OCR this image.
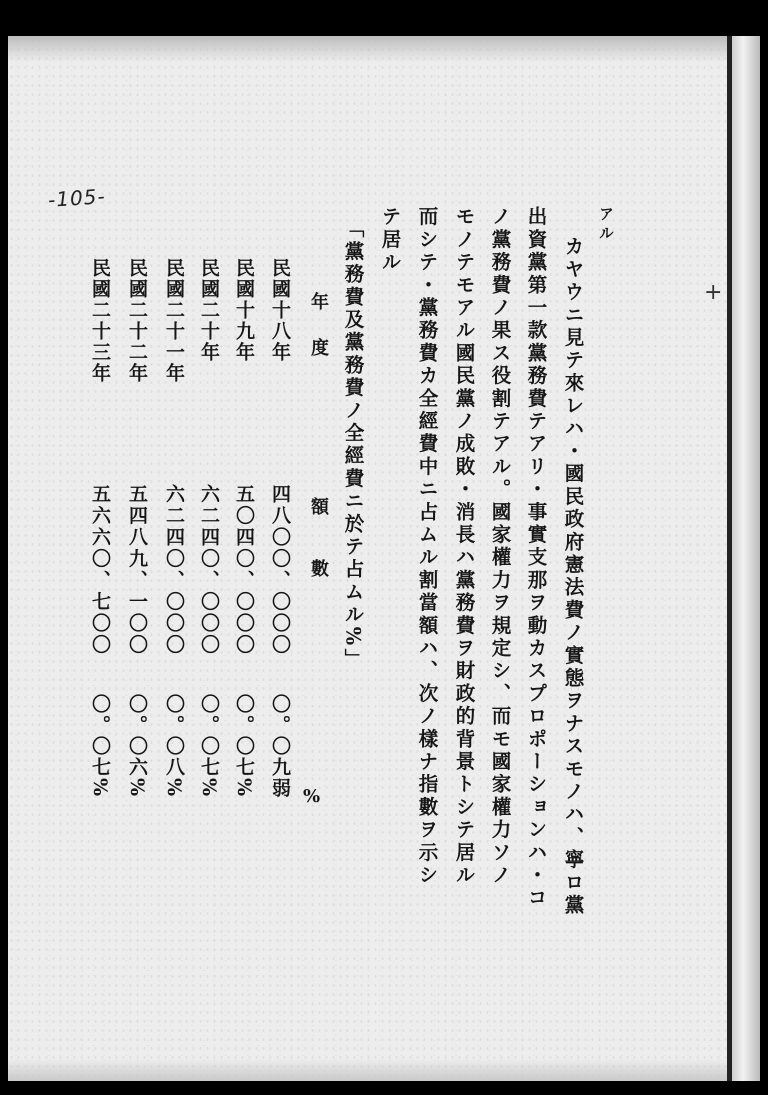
-105-
アル
カヤウニ見テ來レハ・國民政府憲法費ノ實態ヲナスモノハ、寧ロ黨
出資黨第一款黨務費テアリ・事實支那ヲ動カスプロポーションハ・コ
ノ黨務費ノ果ス役割テアル。國家權力ヲ規定シ、而モ國家權力ソノ
モノテモアル國民黨ノ成敗・消長ハ黨務費ヲ財政的背景トシテ居ル
而シテ・黨務費カ全經費中ニ占ムル割當額ハ、次ノ樣ナ指數ヲ示シ
テ居ル
「黨務費及黨務費ノ全經費ニ於テ占ムル%」
年度
額數
%
民國十八年
四八〇〇、〇〇〇
〇。〇九弱
民國十九年
五〇四〇、〇〇〇
〇。〇七%
民國二十年
六二四〇、〇〇〇
〇。〇七%
民國二十一年
六二四〇、〇〇〇
〇。〇八%
民國二十二年
五四八九、一〇〇
〇。〇六%
民國二十三年
五六六〇、七〇〇
〇。〇七%
+
